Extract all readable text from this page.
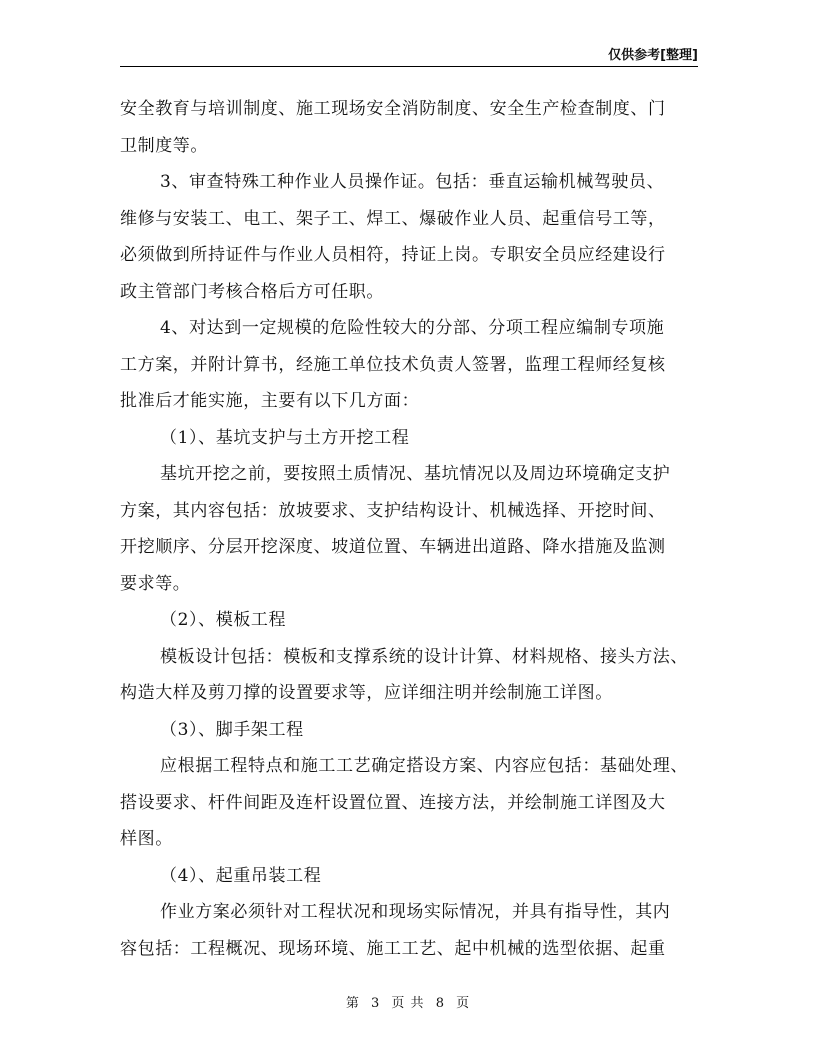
仅供参考[整理]
安全教育与培训制度、施工现场安全消防制度、安全生产检查制度、门
卫制度等。
3、审查特殊工种作业人员操作证。包括：垂直运输机械驾驶员、
维修与安装工、电工、架子工、焊工、爆破作业人员、起重信号工等，
必须做到所持证件与作业人员相符，持证上岗。专职安全员应经建设行
政主管部门考核合格后方可任职。
4、对达到一定规模的危险性较大的分部、分项工程应编制专项施
工方案，并附计算书，经施工单位技术负责人签署，监理工程师经复核
批准后才能实施，主要有以下几方面：
（1）、基坑支护与土方开挖工程
基坑开挖之前，要按照土质情况、基坑情况以及周边环境确定支护
方案，其内容包括：放坡要求、支护结构设计、机械选择、开挖时间、
开挖顺序、分层开挖深度、坡道位置、车辆进出道路、降水措施及监测
要求等。
（2）、模板工程
模板设计包括：模板和支撑系统的设计计算、材料规格、接头方法、
构造大样及剪刀撑的设置要求等，应详细注明并绘制施工详图。
（3）、脚手架工程
应根据工程特点和施工工艺确定搭设方案、内容应包括：基础处理、
搭设要求、杆件间距及连杆设置位置、连接方法，并绘制施工详图及大
样图。
（4）、起重吊装工程
作业方案必须针对工程状况和现场实际情况，并具有指导性，其内
容包括：工程概况、现场环境、施工工艺、起中机械的选型依据、起重
第 3 页 共 8 页
